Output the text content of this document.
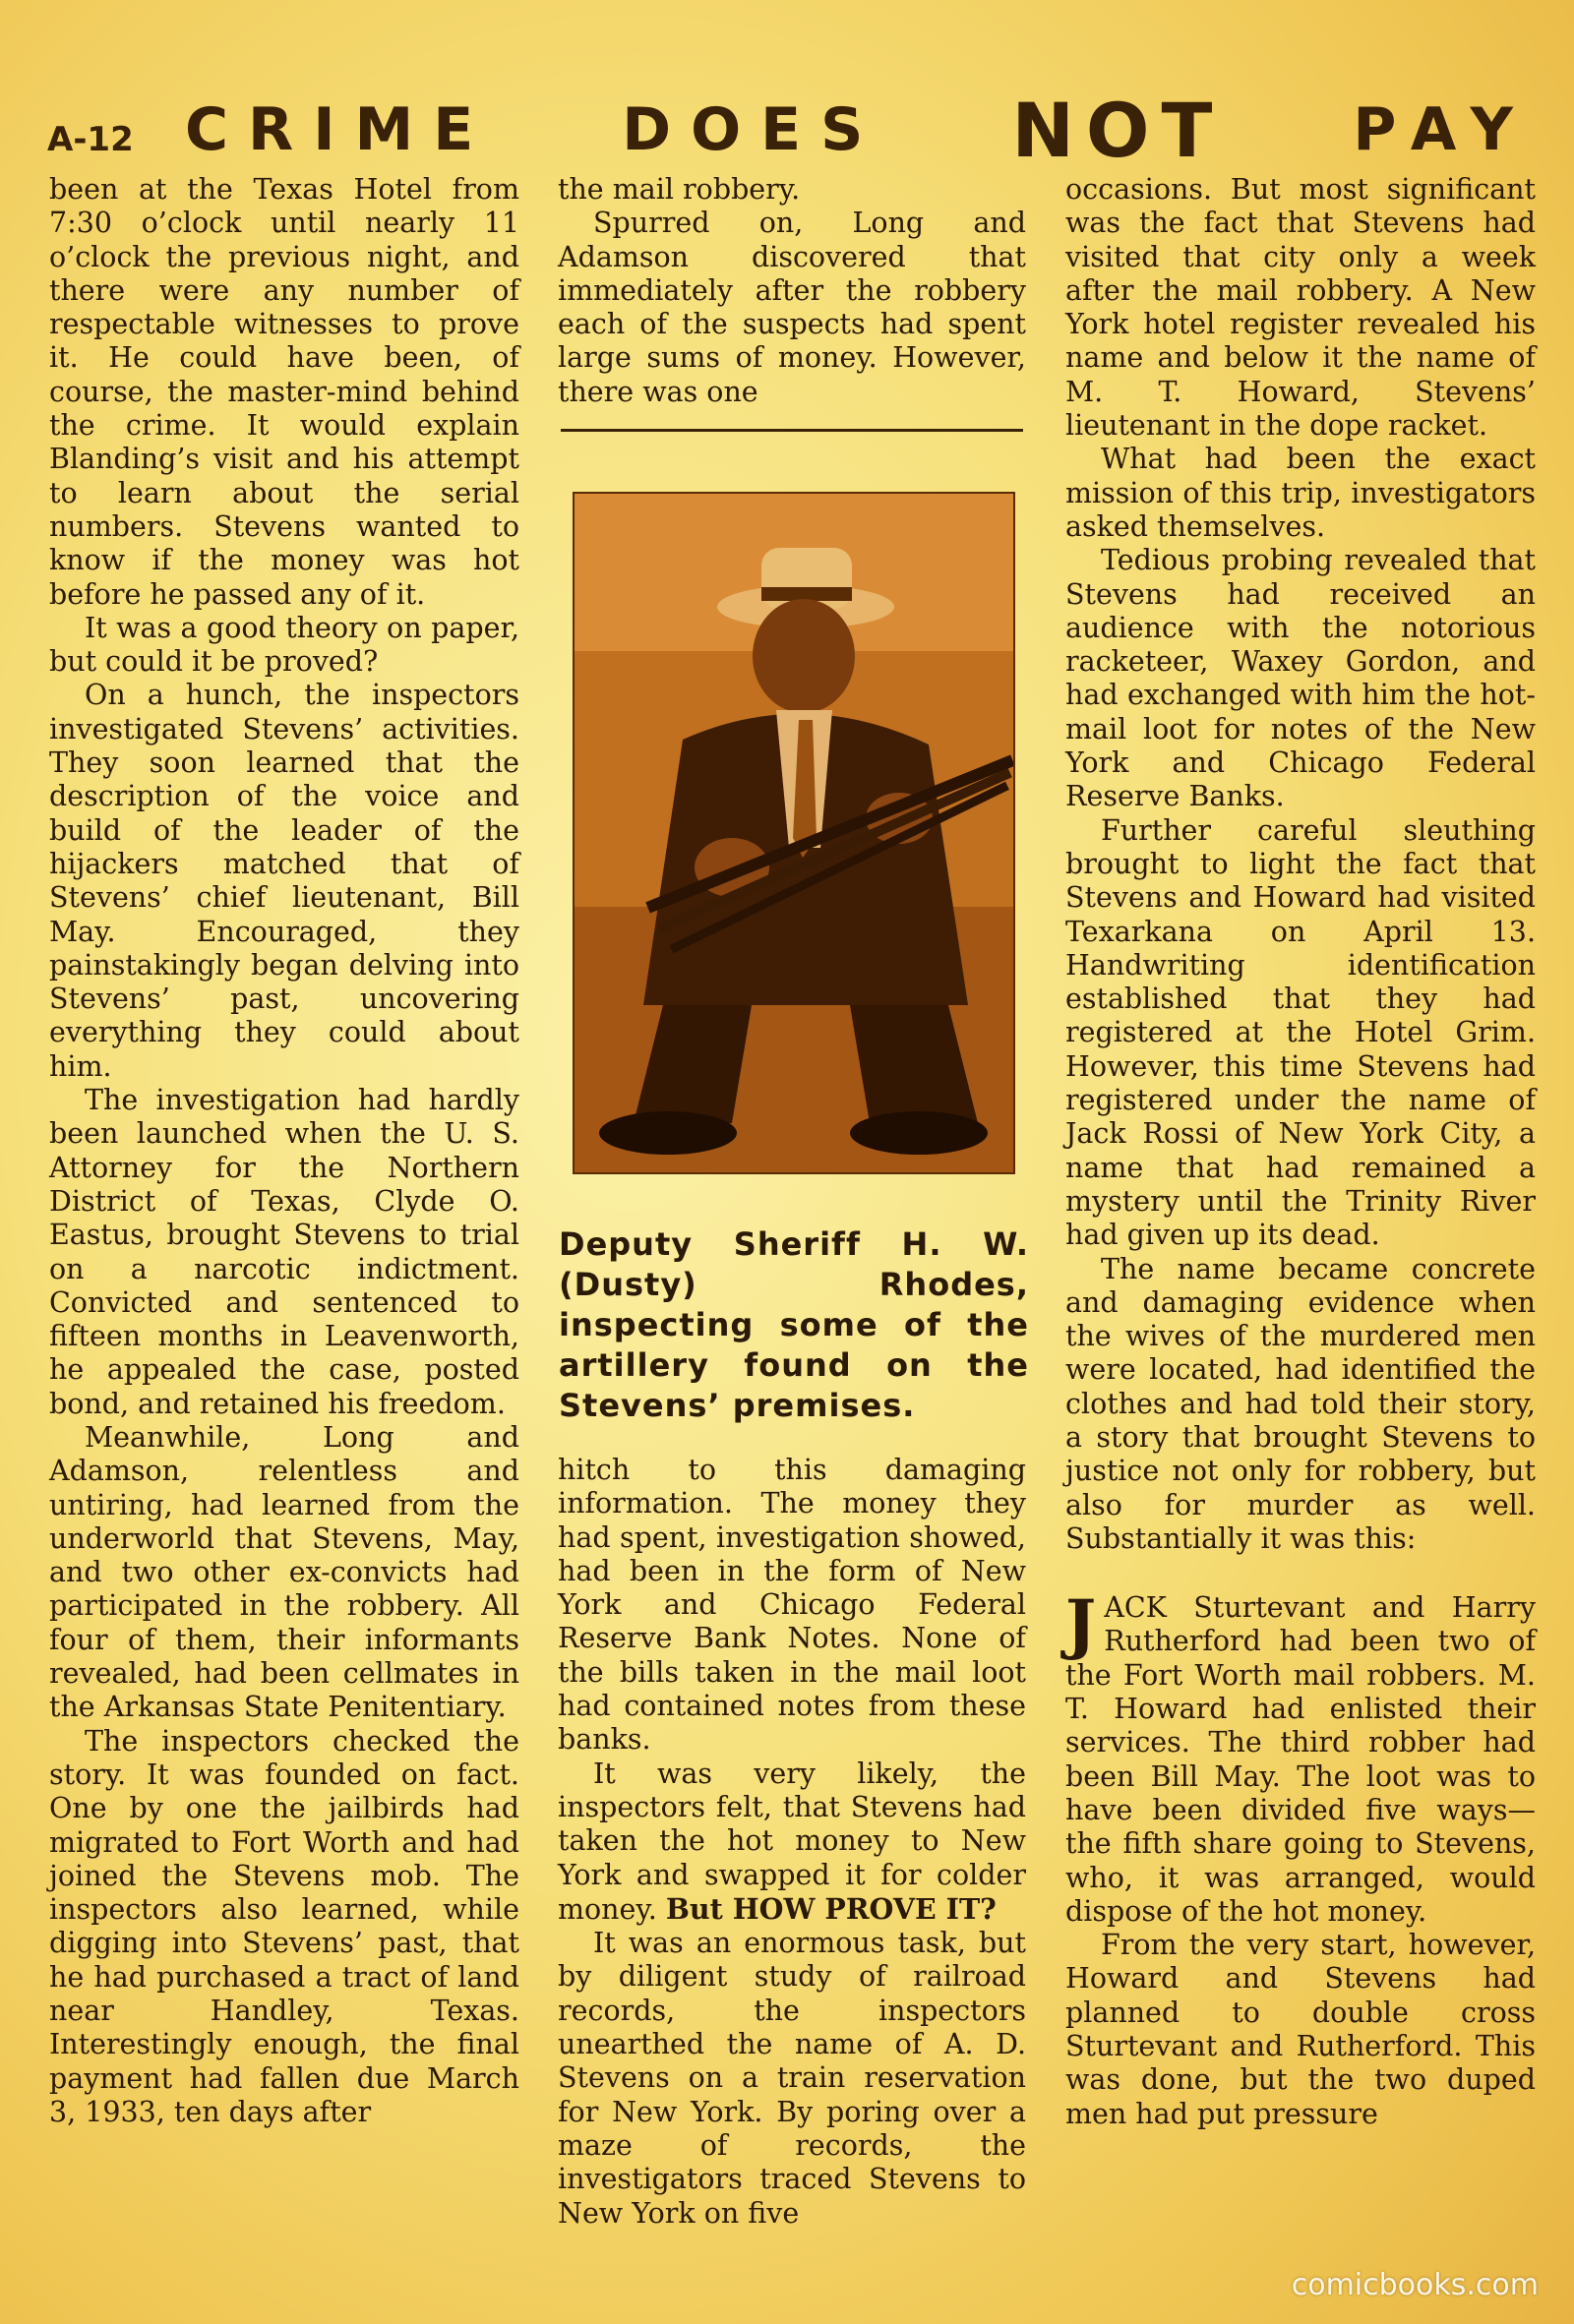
A-12 CRIME DOES NOT PAY

been at the Texas Hotel from 7:30 o’clock until nearly 11 o’clock the previous night, and there were any number of respectable witnesses to prove it. He could have been, of course, the master-mind behind the crime. It would explain Blanding’s visit and his attempt to learn about the serial numbers. Stevens wanted to know if the money was hot before he passed any of it.

It was a good theory on paper, but could it be proved?

On a hunch, the inspectors investigated Stevens’ activities. They soon learned that the description of the voice and build of the leader of the hijackers matched that of Stevens’ chief lieutenant, Bill May. Encouraged, they painstakingly began delving into Stevens’ past, uncovering everything they could about him.

The investigation had hardly been launched when the U. S. Attorney for the Northern District of Texas, Clyde O. Eastus, brought Stevens to trial on a narcotic indictment. Convicted and sentenced to fifteen months in Leavenworth, he appealed the case, posted bond, and retained his freedom.

Meanwhile, Long and Adamson, relentless and untiring, had learned from the underworld that Stevens, May, and two other ex-convicts had participated in the robbery. All four of them, their informants revealed, had been cellmates in the Arkansas State Penitentiary.

The inspectors checked the story. It was founded on fact. One by one the jailbirds had migrated to Fort Worth and had joined the Stevens mob. The inspectors also learned, while digging into Stevens’ past, that he had purchased a tract of land near Handley, Texas. Interestingly enough, the final payment had fallen due March 3, 1933, ten days after

the mail robbery.

Spurred on, Long and Adamson discovered that immediately after the robbery each of the suspects had spent large sums of money. However, there was one

Deputy Sheriff H. W. (Dusty) Rhodes, inspecting some of the artillery found on the Stevens’ premises.

hitch to this damaging information. The money they had spent, investigation showed, had been in the form of New York and Chicago Federal Reserve Bank Notes. None of the bills taken in the mail loot had contained notes from these banks.

It was very likely, the inspectors felt, that Stevens had taken the hot money to New York and swapped it for colder money. But HOW PROVE IT?

It was an enormous task, but by diligent study of railroad records, the inspectors unearthed the name of A. D. Stevens on a train reservation for New York. By poring over a maze of records, the investigators traced Stevens to New York on five

occasions. But most significant was the fact that Stevens had visited that city only a week after the mail robbery. A New York hotel register revealed his name and below it the name of M. T. Howard, Stevens’ lieutenant in the dope racket.

What had been the exact mission of this trip, investigators asked themselves.

Tedious probing revealed that Stevens had received an audience with the notorious racketeer, Waxey Gordon, and had exchanged with him the hot-mail loot for notes of the New York and Chicago Federal Reserve Banks.

Further careful sleuthing brought to light the fact that Stevens and Howard had visited Texarkana on April 13. Handwriting identification established that they had registered at the Hotel Grim. However, this time Stevens had registered under the name of Jack Rossi of New York City, a name that had remained a mystery until the Trinity River had given up its dead.

The name became concrete and damaging evidence when the wives of the murdered men were located, had identified the clothes and had told their story, a story that brought Stevens to justice not only for robbery, but also for murder as well. Substantially it was this:

JACK Sturtevant and Harry Rutherford had been two of the Fort Worth mail robbers. M. T. Howard had enlisted their services. The third robber had been Bill May. The loot was to have been divided five ways—the fifth share going to Stevens, who, it was arranged, would dispose of the hot money.

From the very start, however, Howard and Stevens had planned to double cross Sturtevant and Rutherford. This was done, but the two duped men had put pressure

comicbooks.com
